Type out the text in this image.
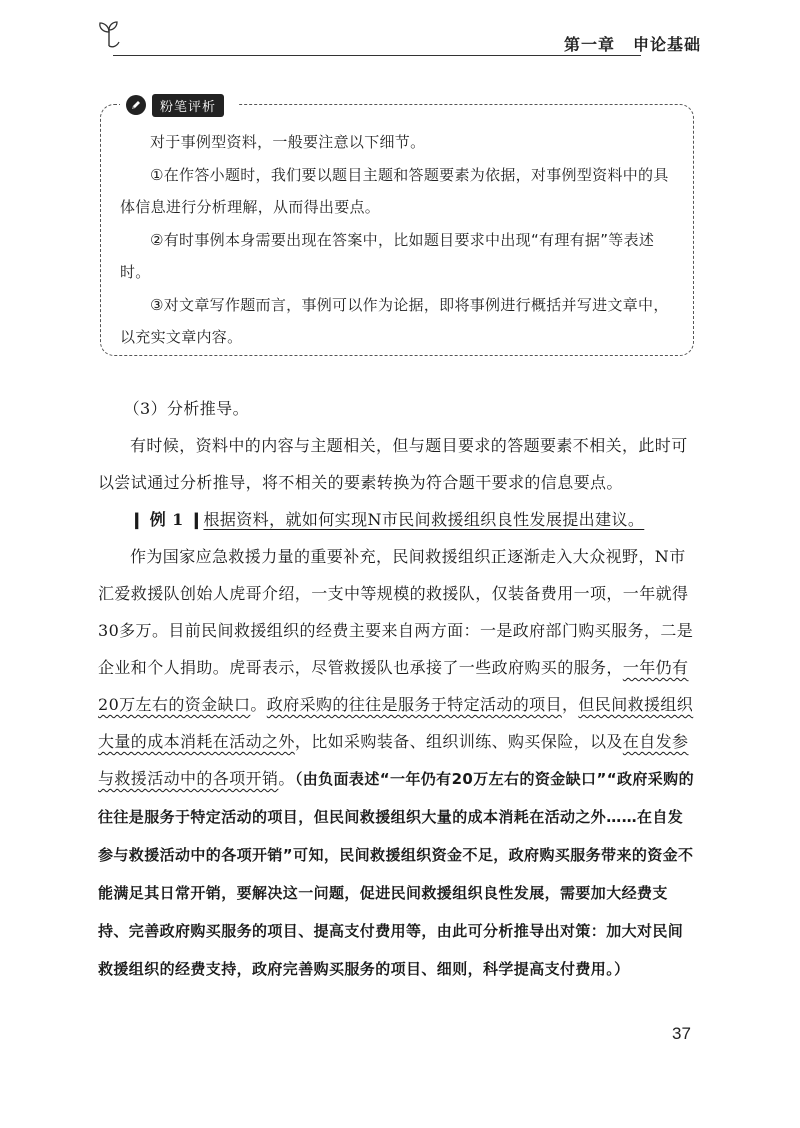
第一章 申论基础
粉笔评析

对于事例型资料，一般要注意以下细节。

①在作答小题时，我们要以题目主题和答题要素为依据，对事例型资料中的具体信息进行分析理解，从而得出要点。

②有时事例本身需要出现在答案中，比如题目要求中出现“有理有据”等表述时。

③对文章写作题而言，事例可以作为论据，即将事例进行概括并写进文章中，以充实文章内容。

（3）分析推导。

有时候，资料中的内容与主题相关，但与题目要求的答题要素不相关，此时可以尝试通过分析推导，将不相关的要素转换为符合题干要求的信息要点。

❙ 例 1 ❙根据资料，就如何实现N市民间救援组织良性发展提出建议。

作为国家应急救援力量的重要补充，民间救援组织正逐渐走入大众视野，N市汇爱救援队创始人虎哥介绍，一支中等规模的救援队，仅装备费用一项，一年就得30多万。目前民间救援组织的经费主要来自两方面：一是政府部门购买服务，二是企业和个人捐助。虎哥表示，尽管救援队也承接了一些政府购买的服务，一年仍有20万左右的资金缺口。政府采购的往往是服务于特定活动的项目，但民间救援组织大量的成本消耗在活动之外，比如采购装备、组织训练、购买保险，以及在自发参与救援活动中的各项开销。（由负面表述“一年仍有20万左右的资金缺口”“政府采购的往往是服务于特定活动的项目，但民间救援组织大量的成本消耗在活动之外……在自发参与救援活动中的各项开销”可知，民间救援组织资金不足，政府购买服务带来的资金不能满足其日常开销，要解决这一问题，促进民间救援组织良性发展，需要加大经费支持、完善政府购买服务的项目、提高支付费用等，由此可分析推导出对策：加大对民间救援组织的经费支持，政府完善购买服务的项目、细则，科学提高支付费用。）

37
